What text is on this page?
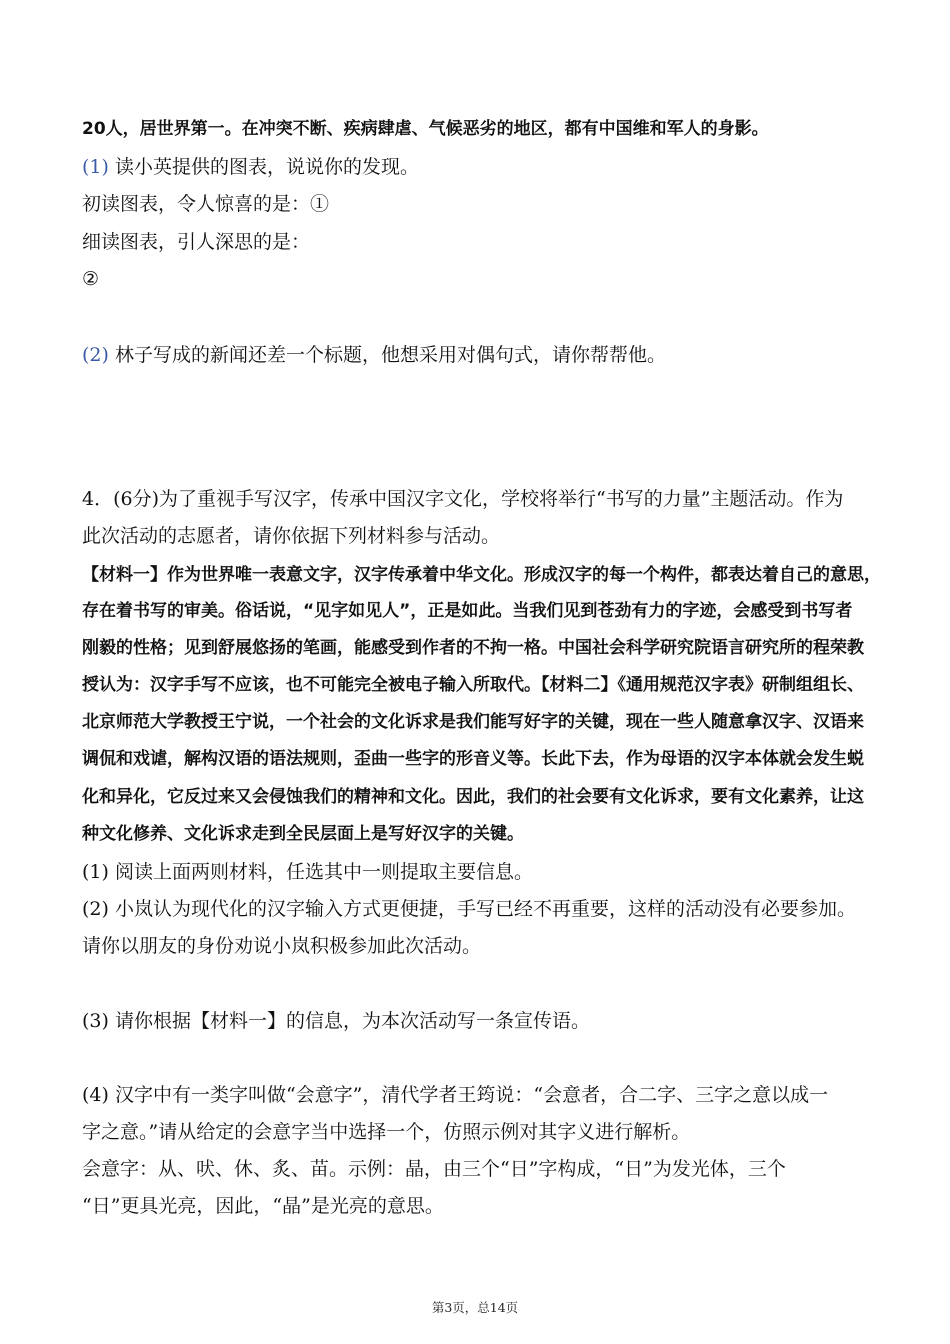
20人，居世界第一。在冲突不断、疾病肆虐、气候恶劣的地区，都有中国维和军人的身影。
(1) 读小英提供的图表，说说你的发现。
初读图表，令人惊喜的是：①
细读图表，引人深思的是：
②
(2) 林子写成的新闻还差一个标题，他想采用对偶句式，请你帮帮他。
4．(6分)为了重视手写汉字，传承中国汉字文化，学校将举行“书写的力量”主题活动。作为
此次活动的志愿者，请你依据下列材料参与活动。
【材料一】作为世界唯一表意文字，汉字传承着中华文化。形成汉字的每一个构件，都表达着自己的意思，
存在着书写的审美。俗话说，“见字如见人”，正是如此。当我们见到苍劲有力的字迹，会感受到书写者
刚毅的性格；见到舒展悠扬的笔画，能感受到作者的不拘一格。中国社会科学研究院语言研究所的程荣教
授认为：汉字手写不应该，也不可能完全被电子输入所取代。【材料二】《通用规范汉字表》研制组组长、
北京师范大学教授王宁说，一个社会的文化诉求是我们能写好字的关键，现在一些人随意拿汉字、汉语来
调侃和戏谑，解构汉语的语法规则，歪曲一些字的形音义等。长此下去，作为母语的汉字本体就会发生蜕
化和异化，它反过来又会侵蚀我们的精神和文化。因此，我们的社会要有文化诉求，要有文化素养，让这
种文化修养、文化诉求走到全民层面上是写好汉字的关键。
(1) 阅读上面两则材料，任选其中一则提取主要信息。
(2) 小岚认为现代化的汉字输入方式更便捷，手写已经不再重要，这样的活动没有必要参加。
请你以朋友的身份劝说小岚积极参加此次活动。
(3) 请你根据【材料一】的信息，为本次活动写一条宣传语。
(4) 汉字中有一类字叫做“会意字”，清代学者王筠说：“会意者，合二字、三字之意以成一
字之意。”请从给定的会意字当中选择一个，仿照示例对其字义进行解析。
会意字：从、吠、休、炙、苗。示例：晶，由三个“日”字构成，“日”为发光体，三个
“日”更具光亮，因此，“晶”是光亮的意思。
第3页，总14页
